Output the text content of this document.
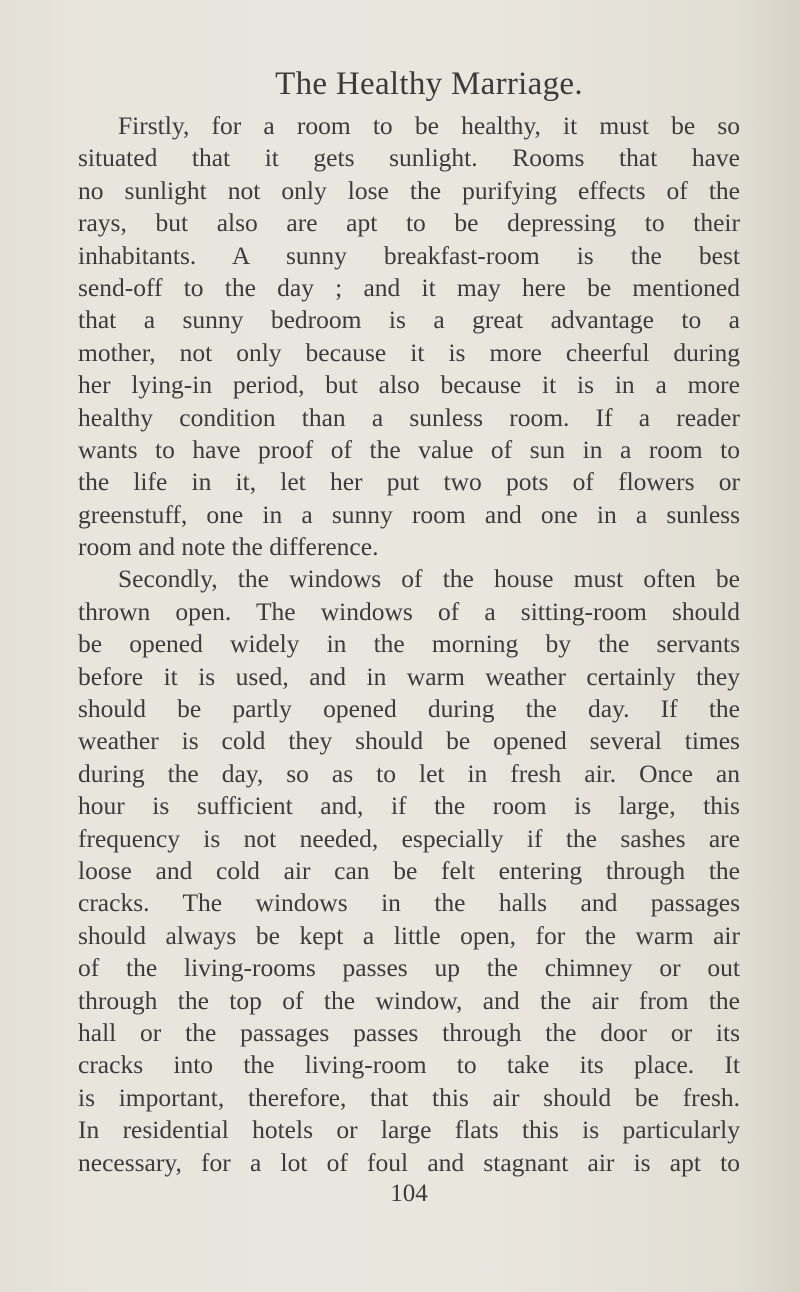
The Healthy Marriage.
Firstly, for a room to be healthy, it must be so
situated that it gets sunlight. Rooms that have
no sunlight not only lose the purifying effects of the
rays, but also are apt to be depressing to their
inhabitants. A sunny breakfast-room is the best
send-off to the day ; and it may here be mentioned
that a sunny bedroom is a great advantage to a
mother, not only because it is more cheerful during
her lying-in period, but also because it is in a more
healthy condition than a sunless room. If a reader
wants to have proof of the value of sun in a room to
the life in it, let her put two pots of flowers or
greenstuff, one in a sunny room and one in a sunless
room and note the difference.
Secondly, the windows of the house must often be
thrown open. The windows of a sitting-room should
be opened widely in the morning by the servants
before it is used, and in warm weather certainly they
should be partly opened during the day. If the
weather is cold they should be opened several times
during the day, so as to let in fresh air. Once an
hour is sufficient and, if the room is large, this
frequency is not needed, especially if the sashes are
loose and cold air can be felt entering through the
cracks. The windows in the halls and passages
should always be kept a little open, for the warm air
of the living-rooms passes up the chimney or out
through the top of the window, and the air from the
hall or the passages passes through the door or its
cracks into the living-room to take its place. It
is important, therefore, that this air should be fresh.
In residential hotels or large flats this is particularly
necessary, for a lot of foul and stagnant air is apt to
104
